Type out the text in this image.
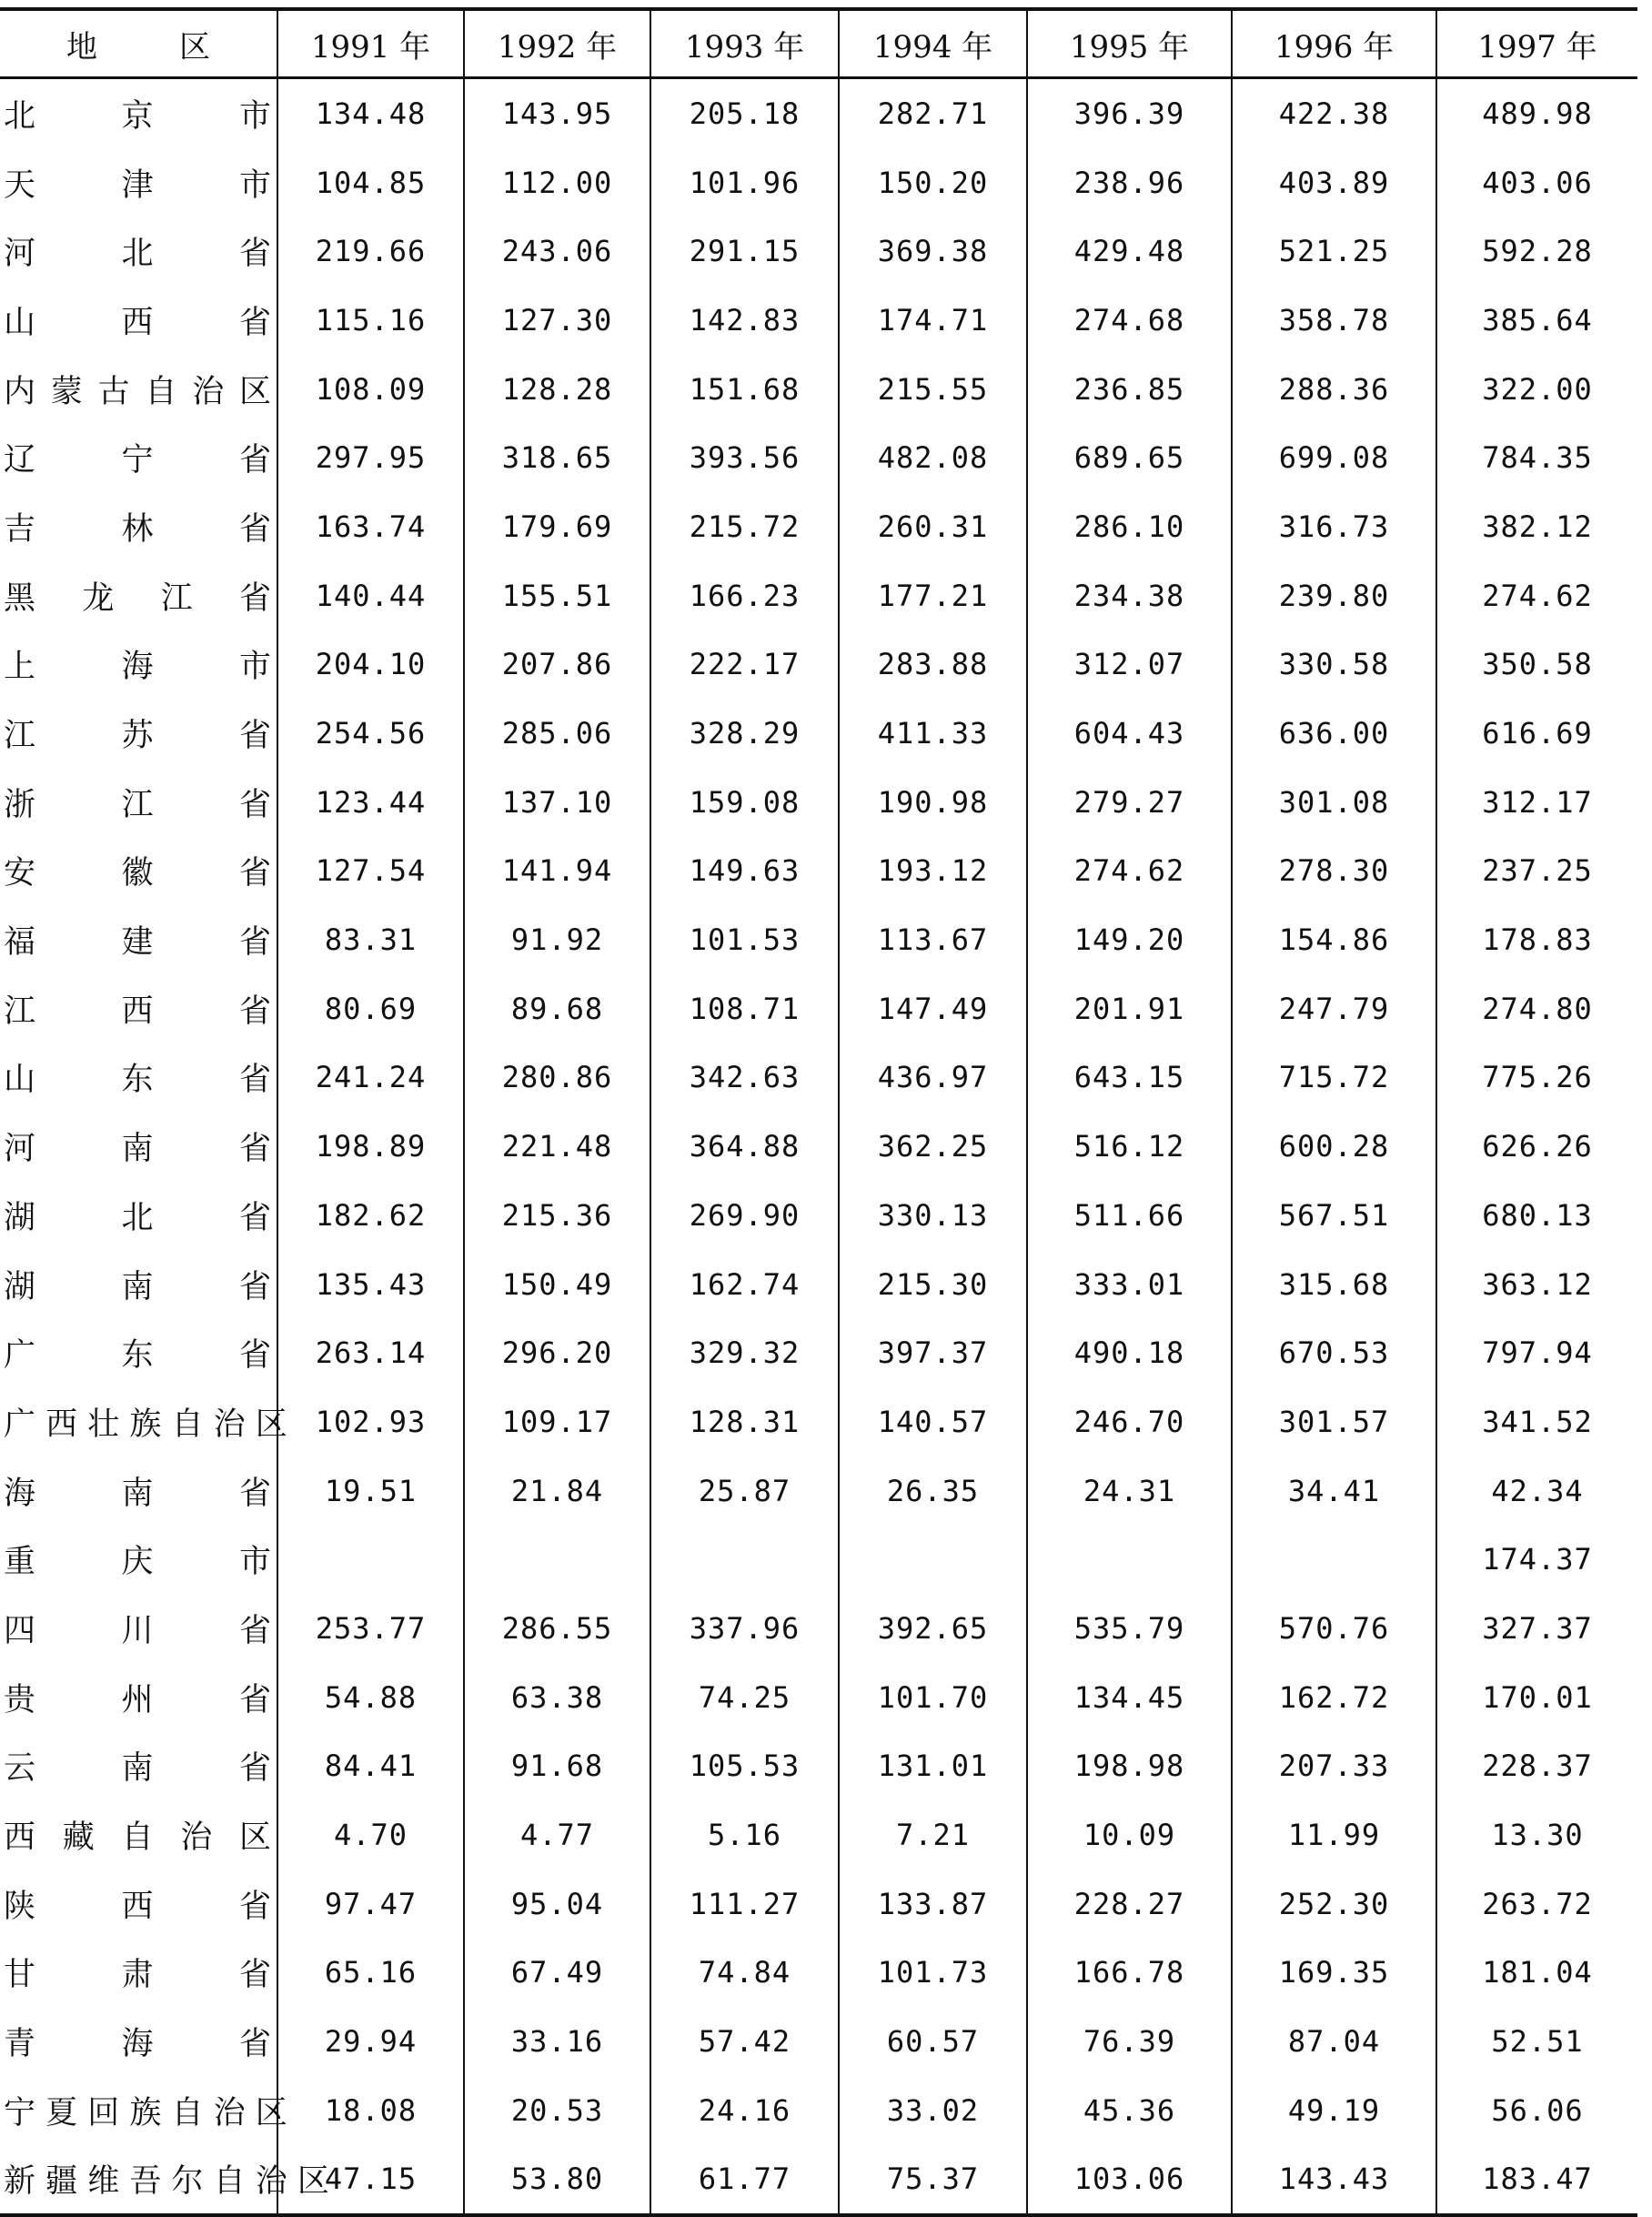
地 区	1991 年	1992 年	1993 年	1994 年	1995 年	1996 年	1997 年
北 京 市	134.48	143.95	205.18	282.71	396.39	422.38	489.98
天 津 市	104.85	112.00	101.96	150.20	238.96	403.89	403.06
河 北 省	219.66	243.06	291.15	369.38	429.48	521.25	592.28
山 西 省	115.16	127.30	142.83	174.71	274.68	358.78	385.64
内 蒙 古 自 治 区	108.09	128.28	151.68	215.55	236.85	288.36	322.00
辽 宁 省	297.95	318.65	393.56	482.08	689.65	699.08	784.35
吉 林 省	163.74	179.69	215.72	260.31	286.10	316.73	382.12
黑 龙 江 省	140.44	155.51	166.23	177.21	234.38	239.80	274.62
上 海 市	204.10	207.86	222.17	283.88	312.07	330.58	350.58
江 苏 省	254.56	285.06	328.29	411.33	604.43	636.00	616.69
浙 江 省	123.44	137.10	159.08	190.98	279.27	301.08	312.17
安 徽 省	127.54	141.94	149.63	193.12	274.62	278.30	237.25
福 建 省	83.31	91.92	101.53	113.67	149.20	154.86	178.83
江 西 省	80.69	89.68	108.71	147.49	201.91	247.79	274.80
山 东 省	241.24	280.86	342.63	436.97	643.15	715.72	775.26
河 南 省	198.89	221.48	364.88	362.25	516.12	600.28	626.26
湖 北 省	182.62	215.36	269.90	330.13	511.66	567.51	680.13
湖 南 省	135.43	150.49	162.74	215.30	333.01	315.68	363.12
广 东 省	263.14	296.20	329.32	397.37	490.18	670.53	797.94
广 西 壮 族 自 治 区	102.93	109.17	128.31	140.57	246.70	301.57	341.52
海 南 省	19.51	21.84	25.87	26.35	24.31	34.41	42.34
重 庆 市							174.37
四 川 省	253.77	286.55	337.96	392.65	535.79	570.76	327.37
贵 州 省	54.88	63.38	74.25	101.70	134.45	162.72	170.01
云 南 省	84.41	91.68	105.53	131.01	198.98	207.33	228.37
西 藏 自 治 区	4.70	4.77	5.16	7.21	10.09	11.99	13.30
陕 西 省	97.47	95.04	111.27	133.87	228.27	252.30	263.72
甘 肃 省	65.16	67.49	74.84	101.73	166.78	169.35	181.04
青 海 省	29.94	33.16	57.42	60.57	76.39	87.04	52.51
宁 夏 回 族 自 治 区	18.08	20.53	24.16	33.02	45.36	49.19	56.06
新 疆 维 吾 尔 自 治 区	47.15	53.80	61.77	75.37	103.06	143.43	183.47
